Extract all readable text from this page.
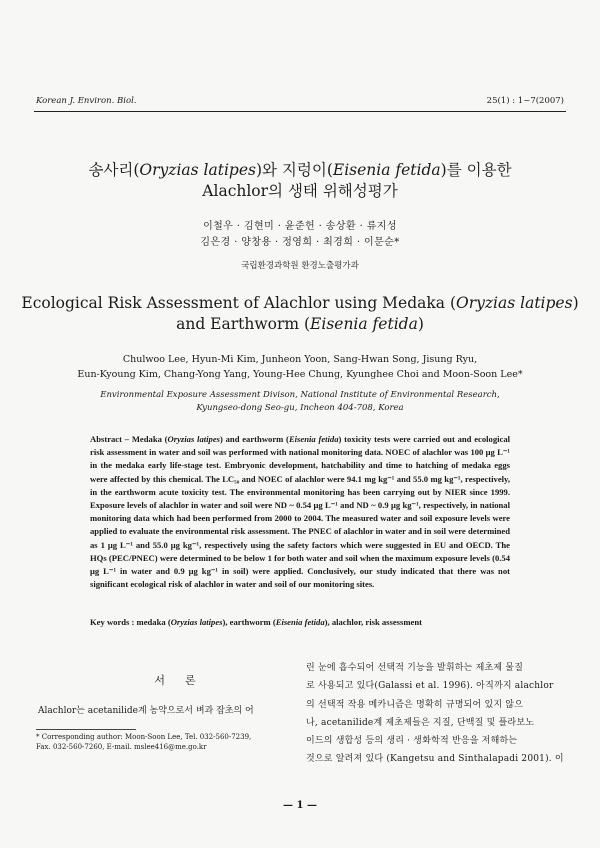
Korean J. Environ. Biol.	25(1) : 1~7(2007)
송사리(Oryzias latipes)와 지렁이(Eisenia fetida)를 이용한
Alachlor의 생태 위해성평가
이철우 · 김현미 · 윤준헌 · 송상환 · 류지성
김은경 · 양창용 · 정영희 · 최경희 · 이문순*
국립환경과학원 환경노출평가과
Ecological Risk Assessment of Alachlor using Medaka (Oryzias latipes)
and Earthworm (Eisenia fetida)
Chulwoo Lee, Hyun-Mi Kim, Junheon Yoon, Sang-Hwan Song, Jisung Ryu,
Eun-Kyoung Kim, Chang-Yong Yang, Young-Hee Chung, Kyunghee Choi and Moon-Soon Lee*
Environmental Exposure Assessment Divison, National Institute of Environmental Research,
Kyungseo-dong Seo-gu, Incheon 404-708, Korea
Abstract – Medaka (Oryzias latipes) and earthworm (Eisenia fetida) toxicity tests were carried out and ecological risk assessment in water and soil was performed with national monitoring data. NOEC of alachlor was 100 μg L⁻¹ in the medaka early life-stage test. Embryonic development, hatchability and time to hatching of medaka eggs were affected by this chemical. The LC₅₀ and NOEC of alachlor were 94.1 mg kg⁻¹ and 55.0 mg kg⁻¹, respectively, in the earthworm acute toxicity test. The environmental monitoring has been carrying out by NIER since 1999. Exposure levels of alachlor in water and soil were ND ~ 0.54 μg L⁻¹ and ND ~ 0.9 μg kg⁻¹, respectively, in national monitoring data which had been performed from 2000 to 2004. The measured water and soil exposure levels were applied to evaluate the environmental risk assessment. The PNEC of alachlor in water and in soil were determined as 1 μg L⁻¹ and 55.0 μg kg⁻¹, respectively using the safety factors which were suggested in EU and OECD. The HQs (PEC/PNEC) were determined to be below 1 for both water and soil when the maximum exposure levels (0.54 μg L⁻¹ in water and 0.9 μg kg⁻¹ in soil) were applied. Conclusively, our study indicated that there was not significant ecological risk of alachlor in water and soil of our monitoring sites.
Key words : medaka (Oryzias latipes), earthworm (Eisenia fetida), alachlor, risk assessment
서론
Alachlor는 acetanilide계 농약으로서 벼과 잡초의 어
* Corresponding author: Moon-Soon Lee, Tel. 032-560-7239,
Fax. 032-560-7260, E-mail. mslee416@me.go.kr
린 눈에 흡수되어 선택적 기능을 발휘하는 제초제 물질
로 사용되고 있다(Galassi et al. 1996). 아직까지 alachlor
의 선택적 작용 메카니즘은 명확히 규명되어 있지 않으
나, acetanilide계 제초제들은 지질, 단백질 및 플라보노
이드의 생합성 등의 생리 · 생화학적 반응을 저해하는
것으로 알려져 있다 (Kangetsu and Sinthalapadi 2001). 이
— 1 —
